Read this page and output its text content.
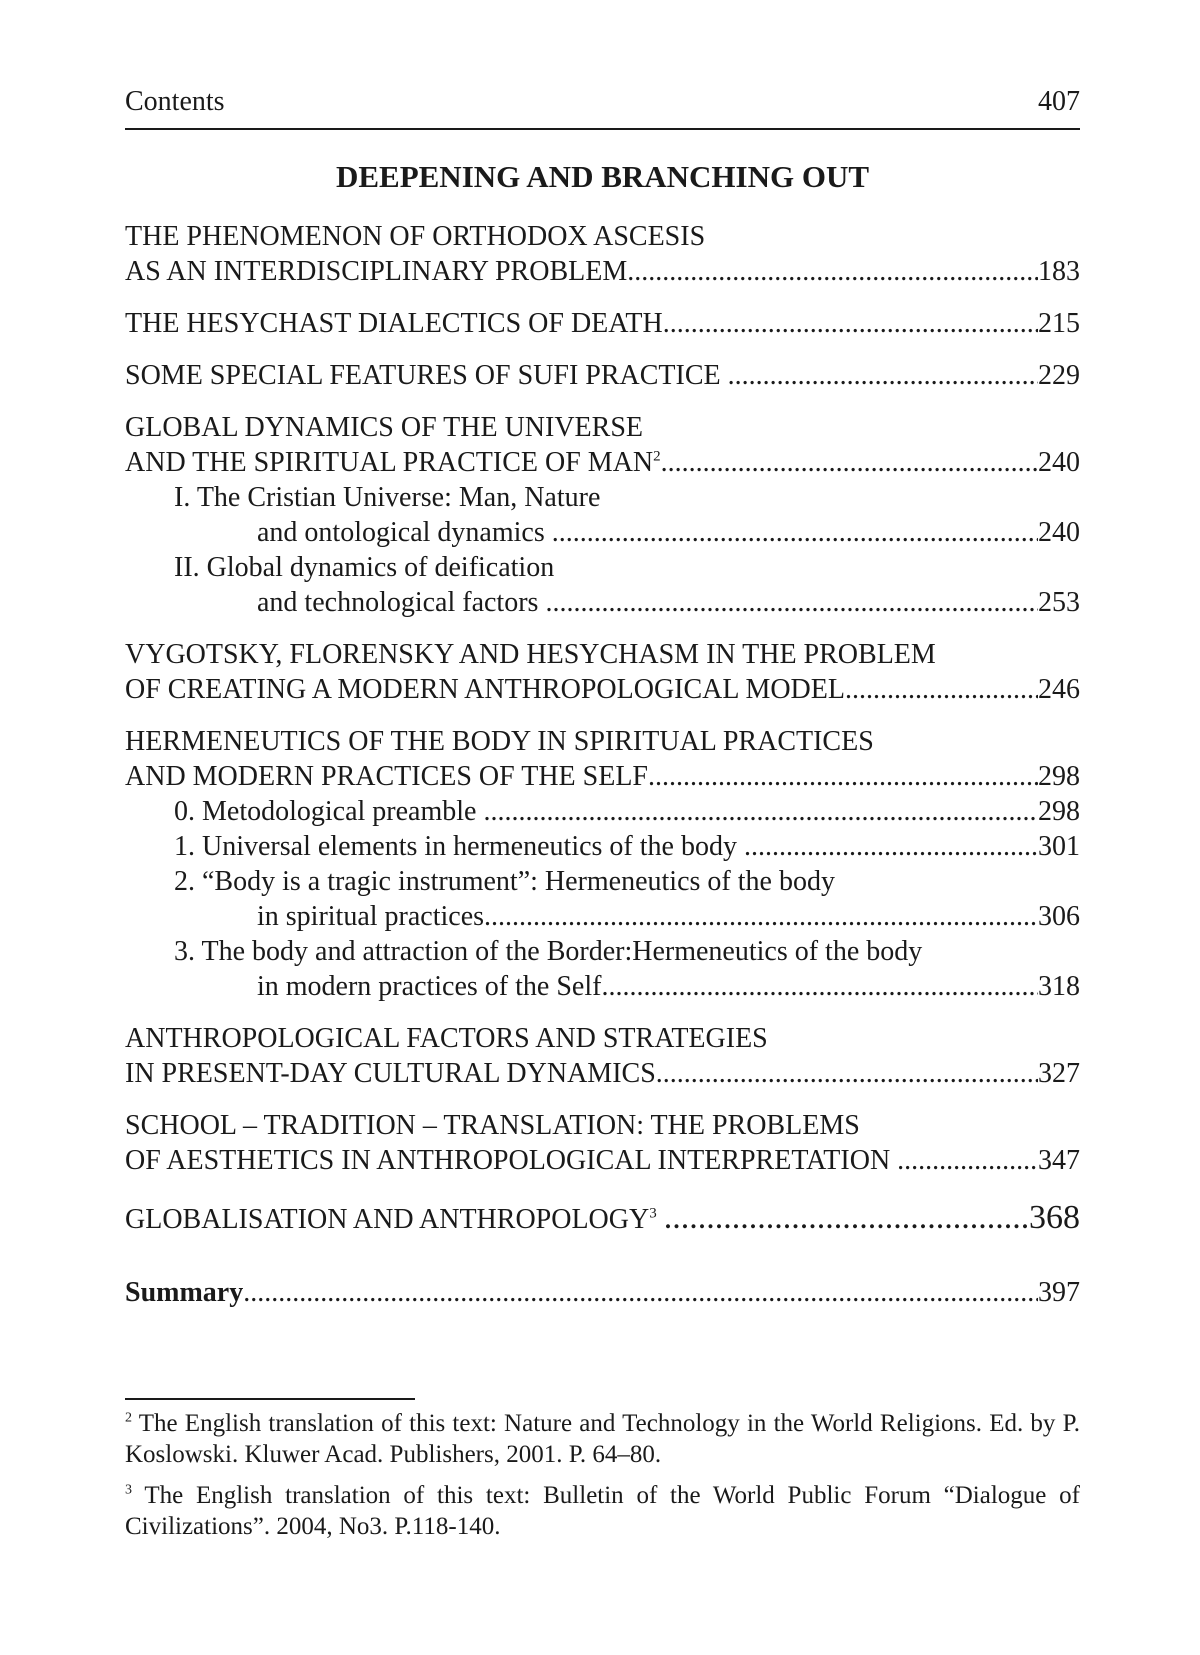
Contents	407
DEEPENING AND BRANCHING OUT
THE PHENOMENON OF ORTHODOX ASCESIS
AS AN INTERDISCIPLINARY PROBLEM .....	183
THE HESYCHAST DIALECTICS OF DEATH .....	215
SOME SPECIAL FEATURES OF SUFI PRACTICE .....	229
GLOBAL DYNAMICS OF THE UNIVERSE
AND THE SPIRITUAL PRACTICE OF MAN$^2$ .....	240
I. The Cristian Universe: Man, Nature
and ontological dynamics .....	240
II. Global dynamics of deification
and technological factors .....	253
VYGOTSKY, FLORENSKY AND HESYCHASM IN THE PROBLEM
OF CREATING A MODERN ANTHROPOLOGICAL MODEL .....	246
HERMENEUTICS OF THE BODY IN SPIRITUAL PRACTICES
AND MODERN PRACTICES OF THE SELF .....	298
0. Metodological preamble .....	298
1. Universal elements in hermeneutics of the body .....	301
2. “Body is a tragic instrument”: Hermeneutics of the body
in spiritual practices .....	306
3. The body and attraction of the Border:Hermeneutics of the body
in modern practices of the Self .....	318
ANTHROPOLOGICAL FACTORS AND STRATEGIES
IN PRESENT-DAY CULTURAL DYNAMICS .....	327
SCHOOL – TRADITION – TRANSLATION: THE PROBLEMS
OF AESTHETICS IN ANTHROPOLOGICAL INTERPRETATION .....	347
GLOBALISATION AND ANTHROPOLOGY$^3$ .....	368
Summary .....	397
$^2$ The English translation of this text: Nature and Technology in the World Religions. Ed. by P. Koslowski. Kluwer Acad. Publishers, 2001. P. 64–80.
$^3$ The English translation of this text: Bulletin of the World Public Forum “Dialogue of Civilizations”. 2004, No3. P.118-140.
